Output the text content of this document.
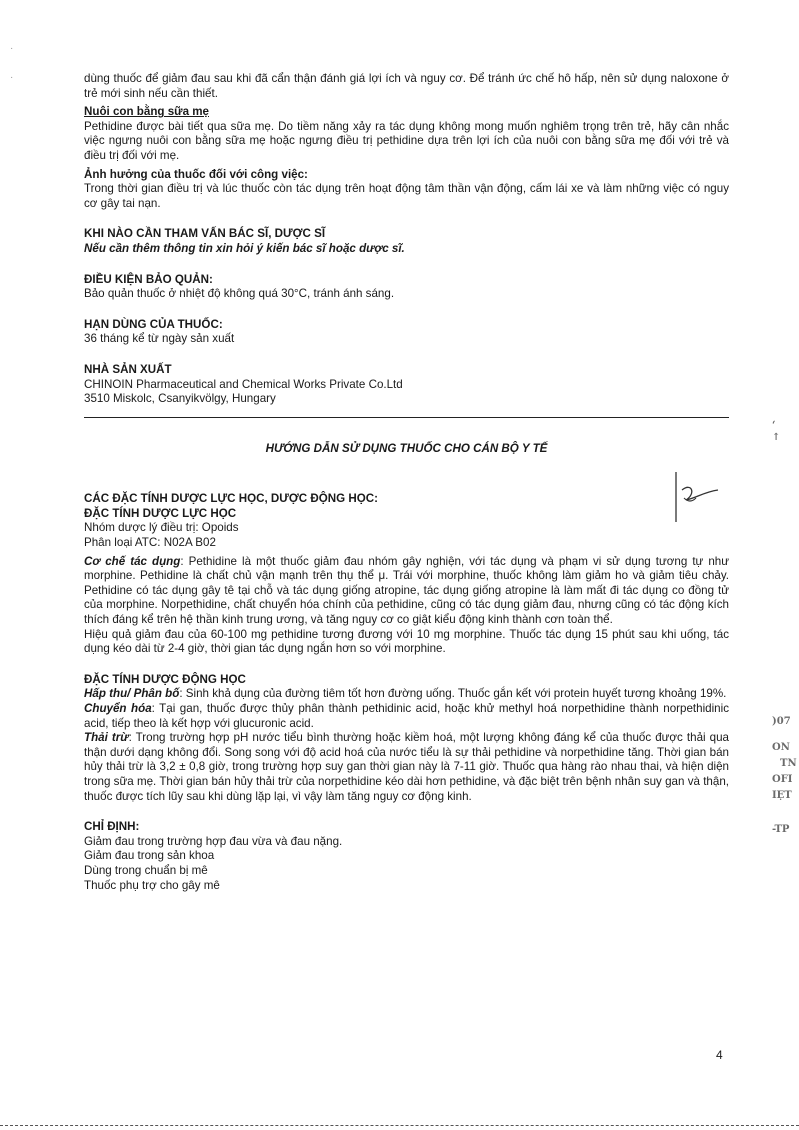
·

·	dùng thuốc để giảm đau sau khi đã cẩn thận đánh giá lợi ích và nguy cơ. Để tránh ức chế hô hấp, nên sử dụng naloxone ở trẻ mới sinh nếu cần thiết.

Nuôi con bằng sữa mẹ

Pethidine được bài tiết qua sữa mẹ. Do tiềm năng xảy ra tác dụng không mong muốn nghiêm trọng trên trẻ, hãy cân nhắc việc ngưng nuôi con bằng sữa mẹ hoặc ngưng điều trị pethidine dựa trên lợi ích của nuôi con bằng sữa mẹ đối với trẻ và điều trị đối với mẹ.

Ảnh hưởng của thuốc đối với công việc:

Trong thời gian điều trị và lúc thuốc còn tác dụng trên hoạt động tâm thần vận động, cấm lái xe và làm những việc có nguy cơ gây tai nạn.

KHI NÀO CẦN THAM VẤN BÁC SĨ, DƯỢC SĨ

Nếu cần thêm thông tin xin hỏi ý kiến bác sĩ hoặc dược sĩ.

ĐIỀU KIỆN BẢO QUẢN:

Bảo quản thuốc ở nhiệt độ không quá 30°C, tránh ánh sáng.

HẠN DÙNG CỦA THUỐC:

36 tháng kể từ ngày sản xuất

NHÀ SẢN XUẤT

CHINOIN Pharmaceutical and Chemical Works Private Co.Ltd

3510 Miskolc, Csanyikvölgy, Hungary

HƯỚNG DẪN SỬ DỤNG THUỐC CHO CÁN BỘ Y TẾ
CÁC ĐẶC TÍNH DƯỢC LỰC HỌC, DƯỢC ĐỘNG HỌC:
ĐẶC TÍNH DƯỢC LỰC HỌC

Nhóm dược lý điều trị: Opoids

Phân loại ATC: N02A B02

Cơ chế tác dụng: Pethidine là một thuốc giảm đau nhóm gây nghiện, với tác dụng và phạm vi sử dụng tương tự như morphine. Pethidine là chất chủ vận mạnh trên thụ thể μ. Trái với morphine, thuốc không làm giảm ho và giảm tiêu chảy. Pethidine có tác dụng gây tê tại chỗ và tác dụng giống atropine, tác dụng giống atropine là làm mất đi tác dụng co đồng tử của morphine. Norpethidine, chất chuyển hóa chính của pethidine, cũng có tác dụng giảm đau, nhưng cũng có tác động kích thích đáng kể trên hệ thần kinh trung ương, và tăng nguy cơ co giật kiểu động kinh thành cơn toàn thể.

Hiệu quả giảm đau của 60-100 mg pethidine tương đương với 10 mg morphine. Thuốc tác dụng 15 phút sau khi uống, tác dụng kéo dài từ 2-4 giờ, thời gian tác dụng ngắn hơn so với morphine.

ĐẶC TÍNH DƯỢC ĐỘNG HỌC

Hấp thu/ Phân bố: Sinh khả dụng của đường tiêm tốt hơn đường uống. Thuốc gắn kết với protein huyết tương khoảng 19%.

Chuyển hóa: Tại gan, thuốc được thủy phân thành pethidinic acid, hoặc khử methyl hoá norpethidine thành norpethidinic acid, tiếp theo là kết hợp với glucuronic acid.

Thải trừ: Trong trường hợp pH nước tiểu bình thường hoặc kiềm hoá, một lượng không đáng kể của thuốc được thải qua thận dưới dạng không đổi. Song song với độ acid hoá của nước tiểu là sự thải pethidine và norpethidine tăng. Thời gian bán hủy thải trừ là 3,2 ± 0,8 giờ, trong trường hợp suy gan thời gian này là 7-11 giờ. Thuốc qua hàng rào nhau thai, và hiện diện trong sữa mẹ. Thời gian bán hủy thải trừ của norpethidine kéo dài hơn pethidine, và đặc biệt trên bệnh nhân suy gan và thận, thuốc được tích lũy sau khi dùng lặp lại, vì vậy làm tăng nguy cơ động kinh.

CHỈ ĐỊNH:

Giảm đau trong trường hợp đau vừa và đau nặng.

Giảm đau trong sản khoa

Dùng trong chuẩn bị mê

Thuốc phụ trợ cho gây mê

ʻ
↑
)07
ÔN
TN
OFI
IỆT
-TP
4
